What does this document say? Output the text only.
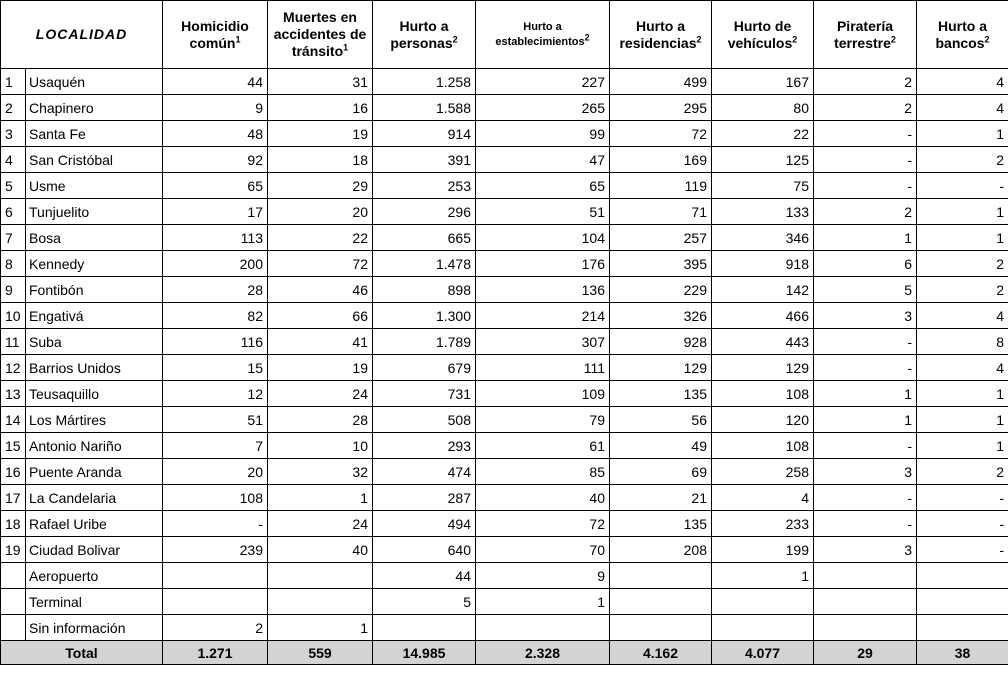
LOCALIDAD		Homicidio común$^1$	Muertes en accidentes de tránsito$^1$	Hurto a personas$^2$	Hurto a establecimientos$^2$	Hurto a residencias$^2$	Hurto de vehículos$^2$	Piratería terrestre$^2$	Hurto a bancos$^2$
1	Usaquén	44	31	1.258	227	499	167	2	4
2	Chapinero	9	16	1.588	265	295	80	2	4
3	Santa Fe	48	19	914	99	72	22	-	1
4	San Cristóbal	92	18	391	47	169	125	-	2
5	Usme	65	29	253	65	119	75	-	-
6	Tunjuelito	17	20	296	51	71	133	2	1
7	Bosa	113	22	665	104	257	346	1	1
8	Kennedy	200	72	1.478	176	395	918	6	2
9	Fontibón	28	46	898	136	229	142	5	2
10	Engativá	82	66	1.300	214	326	466	3	4
11	Suba	116	41	1.789	307	928	443	-	8
12	Barrios Unidos	15	19	679	111	129	129	-	4
13	Teusaquillo	12	24	731	109	135	108	1	1
14	Los Mártires	51	28	508	79	56	120	1	1
15	Antonio Nariño	7	10	293	61	49	108	-	1
16	Puente Aranda	20	32	474	85	69	258	3	2
17	La Candelaria	108	1	287	40	21	4	-	-
18	Rafael Uribe	-	24	494	72	135	233	-	-
19	Ciudad Bolivar	239	40	640	70	208	199	3	-
	Aeropuerto			44	9		1		
	Terminal			5	1				
	Sin información	2	1						
Total		1.271	559	14.985	2.328	4.162	4.077	29	38
